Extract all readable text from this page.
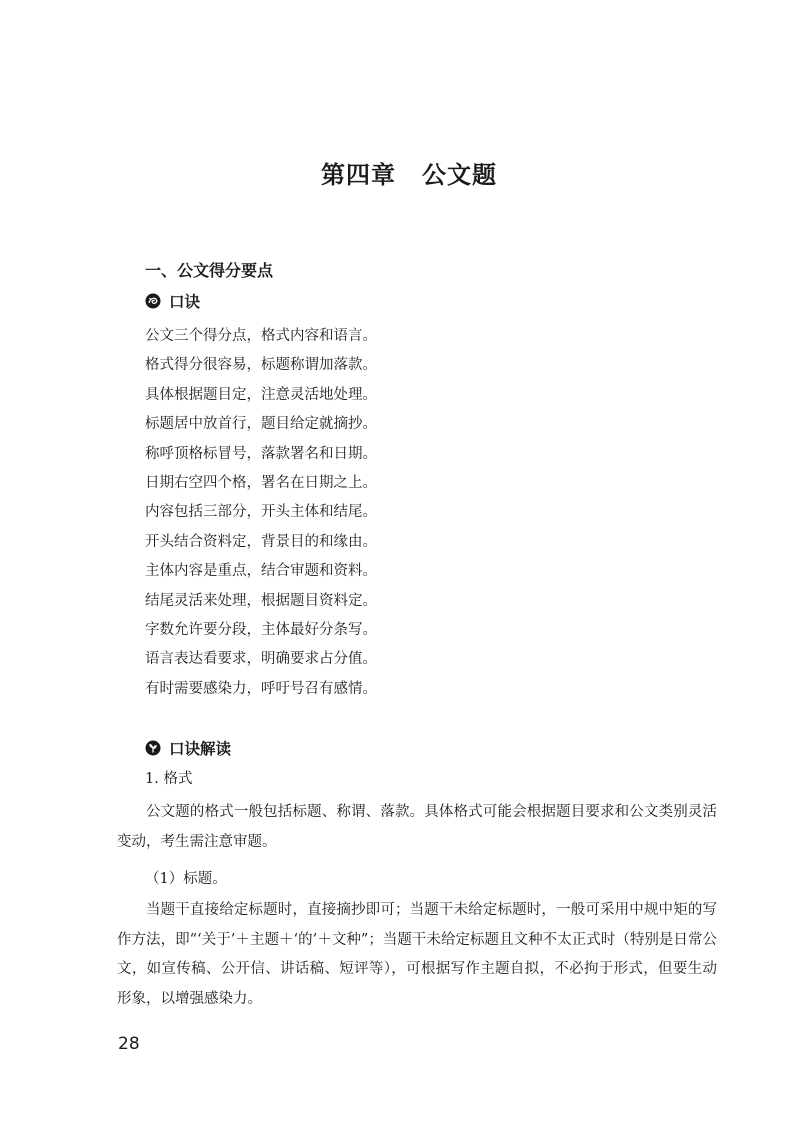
第四章 公文题
一、公文得分要点
口诀
公文三个得分点，格式内容和语言。
格式得分很容易，标题称谓加落款。
具体根据题目定，注意灵活地处理。
标题居中放首行，题目给定就摘抄。
称呼顶格标冒号，落款署名和日期。
日期右空四个格，署名在日期之上。
内容包括三部分，开头主体和结尾。
开头结合资料定，背景目的和缘由。
主体内容是重点，结合审题和资料。
结尾灵活来处理，根据题目资料定。
字数允许要分段，主体最好分条写。
语言表达看要求，明确要求占分值。
有时需要感染力，呼吁号召有感情。
口诀解读
1. 格式

公文题的格式一般包括标题、称谓、落款。具体格式可能会根据题目要求和公文类别灵活变动，考生需注意审题。

（1）标题。

当题干直接给定标题时，直接摘抄即可；当题干未给定标题时，一般可采用中规中矩的写作方法，即“‘关于’＋主题＋‘的’＋文种”；当题干未给定标题且文种不太正式时（特别是日常公文，如宣传稿、公开信、讲话稿、短评等），可根据写作主题自拟，不必拘于形式，但要生动形象，以增强感染力。

28
